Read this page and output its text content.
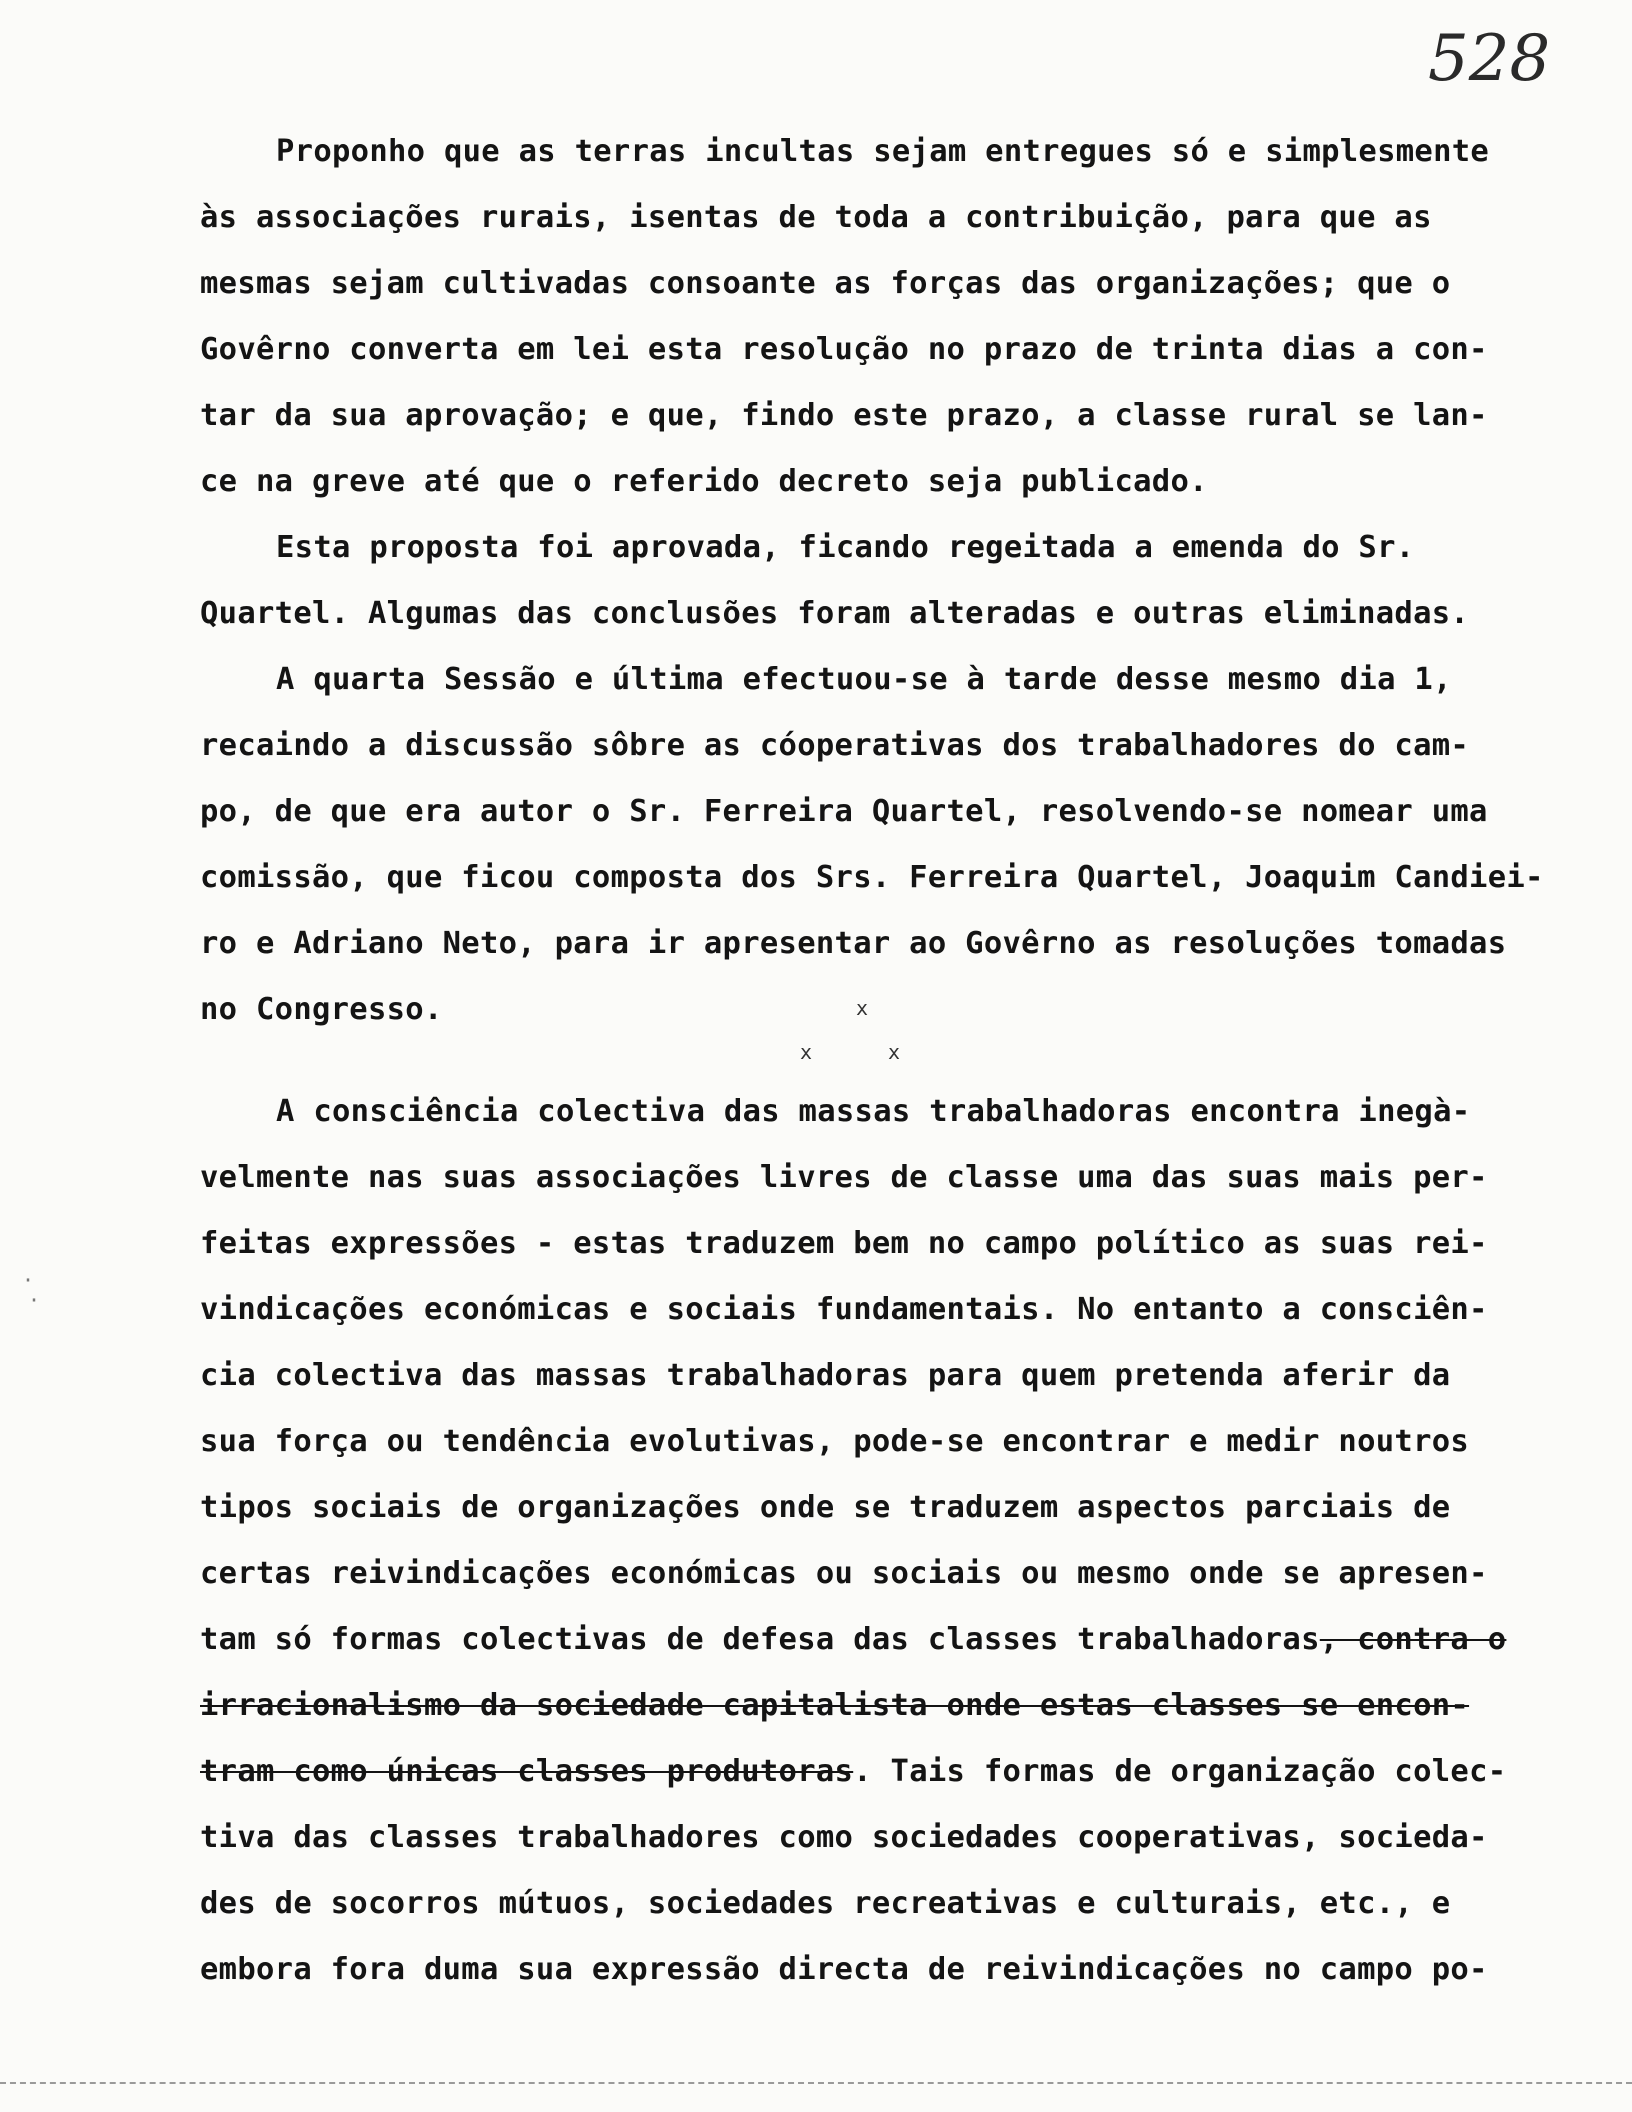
528
Proponho que as terras incultas sejam entregues só e simplesmente
às associações rurais, isentas de toda a contribuição, para que as
mesmas sejam cultivadas consoante as forças das organizações; que o
Govêrno converta em lei esta resolução no prazo de trinta dias a con-
tar da sua aprovação; e que, findo este prazo, a classe rural se lan-
ce na greve até que o referido decreto seja publicado.
Esta proposta foi aprovada, ficando regeitada a emenda do Sr.
Quartel. Algumas das conclusões foram alteradas e outras eliminadas.
A quarta Sessão e última efectuou-se à tarde desse mesmo dia 1,
recaindo a discussão sôbre as cóoperativas dos trabalhadores do cam-
po, de que era autor o Sr. Ferreira Quartel, resolvendo-se nomear uma
comissão, que ficou composta dos Srs. Ferreira Quartel, Joaquim Candiei-
ro e Adriano Neto, para ir apresentar ao Govêrno as resoluções tomadas
no Congresso.	x
x	x
A consciência colectiva das massas trabalhadoras encontra inegà-
velmente nas suas associações livres de classe uma das suas mais per-
feitas expressões - estas traduzem bem no campo político as suas rei-
vindicações económicas e sociais fundamentais. No entanto a consciên-
cia colectiva das massas trabalhadoras para quem pretenda aferir da
sua força ou tendência evolutivas, pode-se encontrar e medir noutros
tipos sociais de organizações onde se traduzem aspectos parciais de
certas reivindicações económicas ou sociais ou mesmo onde se apresen-
tam só formas colectivas de defesa das classes trabalhadoras, contra o
irracionalismo da sociedade capitalista onde estas classes se encon-
tram como únicas classes produtoras. Tais formas de organização colec-
tiva das classes trabalhadores como sociedades cooperativas, socieda-
des de socorros mútuos, sociedades recreativas e culturais, etc., e
embora fora duma sua expressão directa de reivindicações no campo po-
·
·
